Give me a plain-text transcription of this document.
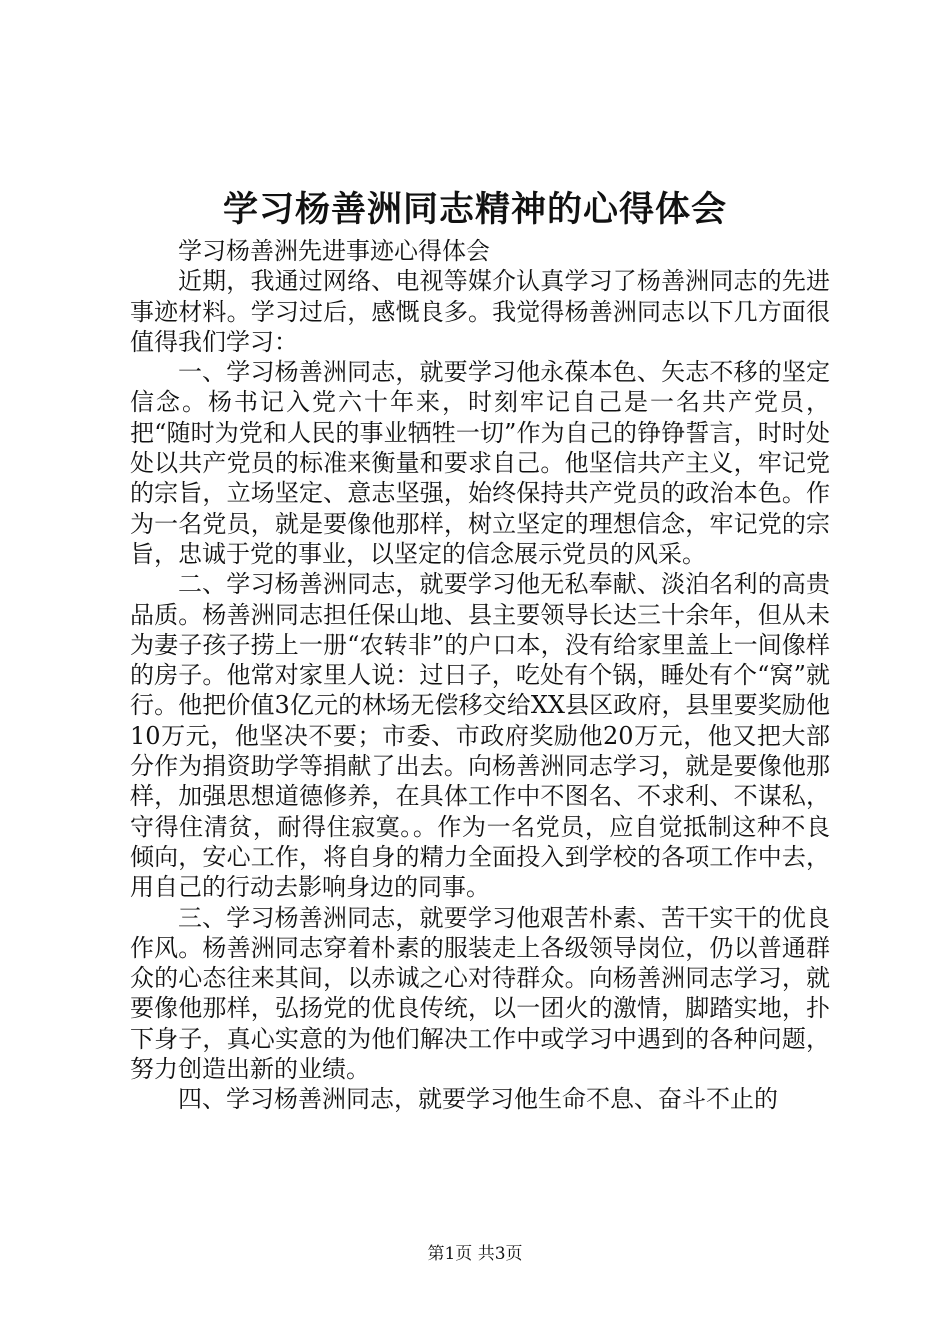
学习杨善洲同志精神的心得体会

学习杨善洲先进事迹心得体会

近期，我通过网络、电视等媒介认真学习了杨善洲同志的先进事迹材料。学习过后，感慨良多。我觉得杨善洲同志以下几方面很值得我们学习：

一、学习杨善洲同志，就要学习他永葆本色、矢志不移的坚定信念。杨书记入党六十年来，时刻牢记自己是一名共产党员，把“随时为党和人民的事业牺牲一切”作为自己的铮铮誓言，时时处处以共产党员的标准来衡量和要求自己。他坚信共产主义，牢记党的宗旨，立场坚定、意志坚强，始终保持共产党员的政治本色。作为一名党员，就是要像他那样，树立坚定的理想信念，牢记党的宗旨，忠诚于党的事业，以坚定的信念展示党员的风采。

二、学习杨善洲同志，就要学习他无私奉献、淡泊名利的高贵品质。杨善洲同志担任保山地、县主要领导长达三十余年，但从未为妻子孩子捞上一册“农转非”的户口本，没有给家里盖上一间像样的房子。他常对家里人说：过日子，吃处有个锅，睡处有个“窝”就行。他把价值3亿元的林场无偿移交给XX县区政府，县里要奖励他10万元，他坚决不要；市委、市政府奖励他20万元，他又把大部分作为捐资助学等捐献了出去。向杨善洲同志学习，就是要像他那样，加强思想道德修养，在具体工作中不图名、不求利、不谋私，守得住清贫，耐得住寂寞。。作为一名党员，应自觉抵制这种不良倾向，安心工作，将自身的精力全面投入到学校的各项工作中去，用自己的行动去影响身边的同事。

三、学习杨善洲同志，就要学习他艰苦朴素、苦干实干的优良作风。杨善洲同志穿着朴素的服装走上各级领导岗位，仍以普通群众的心态往来其间，以赤诚之心对待群众。向杨善洲同志学习，就要像他那样，弘扬党的优良传统，以一团火的激情，脚踏实地，扑下身子，真心实意的为他们解决工作中或学习中遇到的各种问题，努力创造出新的业绩。

四、学习杨善洲同志，就要学习他生命不息、奋斗不止的

第1页 共3页
